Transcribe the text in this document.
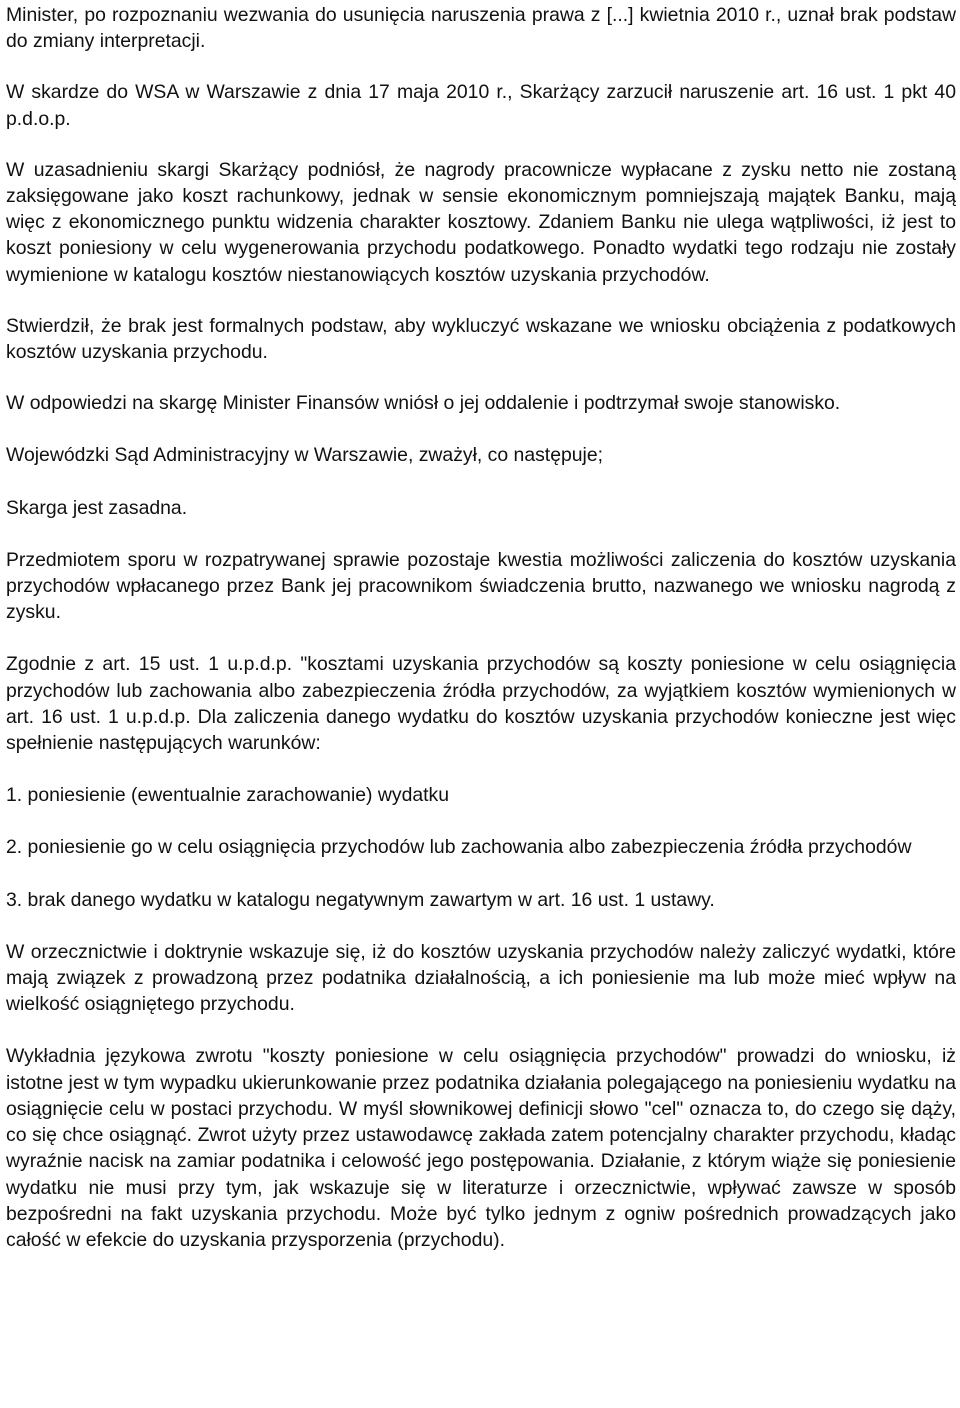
Minister, po rozpoznaniu wezwania do usunięcia naruszenia prawa z [...] kwietnia 2010 r., uznał brak podstaw do zmiany interpretacji.

W skardze do WSA w Warszawie z dnia 17 maja 2010 r., Skarżący zarzucił naruszenie art. 16 ust. 1 pkt 40 p.d.o.p.

W uzasadnieniu skargi Skarżący podniósł, że nagrody pracownicze wypłacane z zysku netto nie zostaną zaksięgowane jako koszt rachunkowy, jednak w sensie ekonomicznym pomniejszają majątek Banku, mają więc z ekonomicznego punktu widzenia charakter kosztowy. Zdaniem Banku nie ulega wątpliwości, iż jest to koszt poniesiony w celu wygenerowania przychodu podatkowego. Ponadto wydatki tego rodzaju nie zostały wymienione w katalogu kosztów niestanowiących kosztów uzyskania przychodów.

Stwierdził, że brak jest formalnych podstaw, aby wykluczyć wskazane we wniosku obciążenia z podatkowych kosztów uzyskania przychodu.

W odpowiedzi na skargę Minister Finansów wniósł o jej oddalenie i podtrzymał swoje stanowisko.

Wojewódzki Sąd Administracyjny w Warszawie, zważył, co następuje;

Skarga jest zasadna.

Przedmiotem sporu w rozpatrywanej sprawie pozostaje kwestia możliwości zaliczenia do kosztów uzyskania przychodów wpłacanego przez Bank jej pracownikom świadczenia brutto, nazwanego we wniosku nagrodą z zysku.

Zgodnie z art. 15 ust. 1 u.p.d.p. "kosztami uzyskania przychodów są koszty poniesione w celu osiągnięcia przychodów lub zachowania albo zabezpieczenia źródła przychodów, za wyjątkiem kosztów wymienionych w art. 16 ust. 1 u.p.d.p. Dla zaliczenia danego wydatku do kosztów uzyskania przychodów konieczne jest więc spełnienie następujących warunków:

1. poniesienie (ewentualnie zarachowanie) wydatku

2. poniesienie go w celu osiągnięcia przychodów lub zachowania albo zabezpieczenia źródła przychodów

3. brak danego wydatku w katalogu negatywnym zawartym w art. 16 ust. 1 ustawy.

W orzecznictwie i doktrynie wskazuje się, iż do kosztów uzyskania przychodów należy zaliczyć wydatki, które mają związek z prowadzoną przez podatnika działalnością, a ich poniesienie ma lub może mieć wpływ na wielkość osiągniętego przychodu.

Wykładnia językowa zwrotu "koszty poniesione w celu osiągnięcia przychodów" prowadzi do wniosku, iż istotne jest w tym wypadku ukierunkowanie przez podatnika działania polegającego na poniesieniu wydatku na osiągnięcie celu w postaci przychodu. W myśl słownikowej definicji słowo "cel" oznacza to, do czego się dąży, co się chce osiągnąć. Zwrot użyty przez ustawodawcę zakłada zatem potencjalny charakter przychodu, kładąc wyraźnie nacisk na zamiar podatnika i celowość jego postępowania. Działanie, z którym wiąże się poniesienie wydatku nie musi przy tym, jak wskazuje się w literaturze i orzecznictwie, wpływać zawsze w sposób bezpośredni na fakt uzyskania przychodu. Może być tylko jednym z ogniw pośrednich prowadzących jako całość w efekcie do uzyskania przysporzenia (przychodu).
